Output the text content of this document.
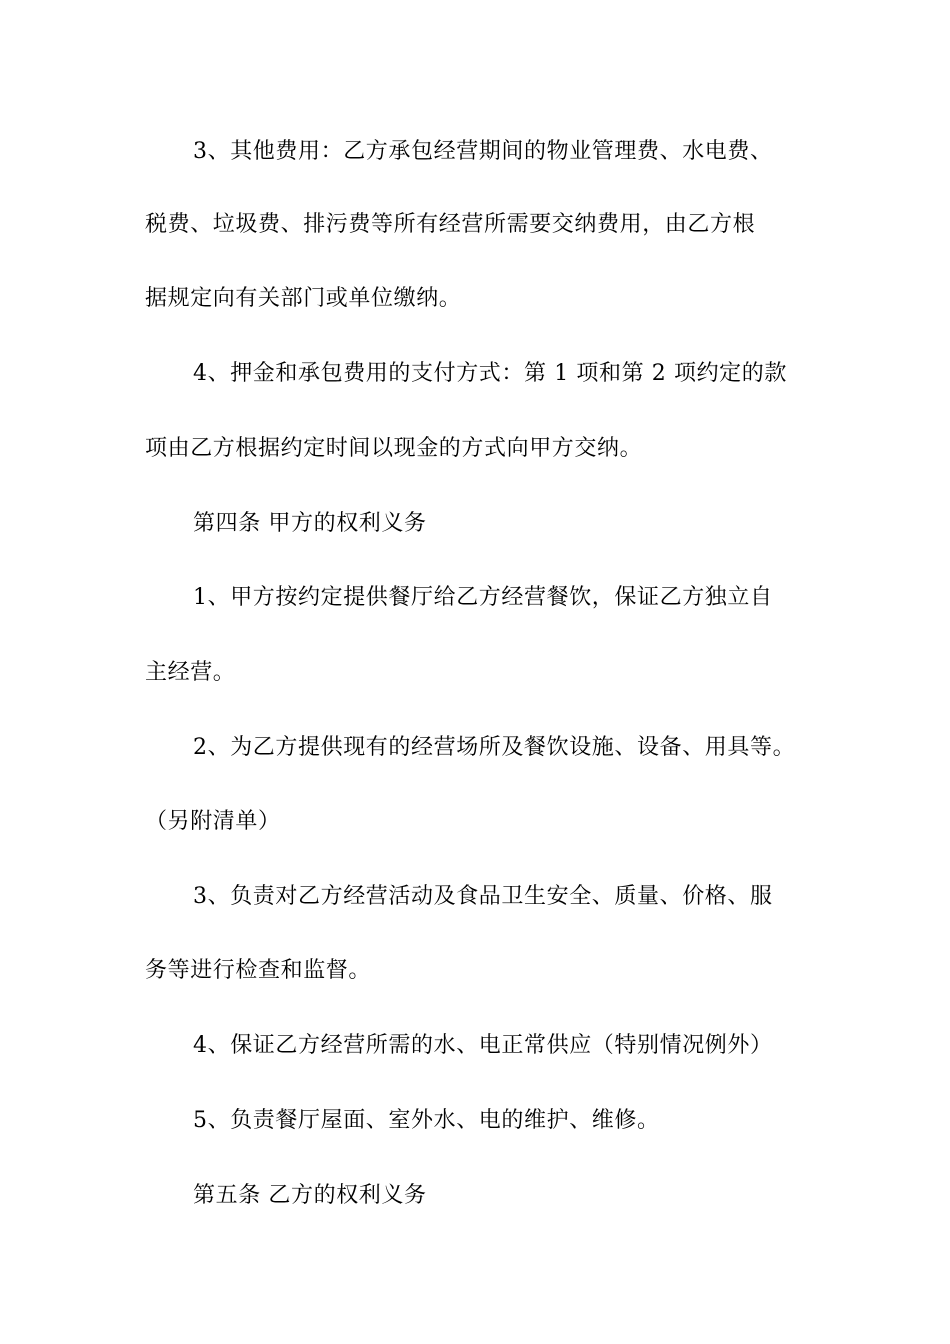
3、其他费用：乙方承包经营期间的物业管理费、水电费、
税费、垃圾费、排污费等所有经营所需要交纳费用，由乙方根
据规定向有关部门或单位缴纳。
4、押金和承包费用的支付方式：第 1 项和第 2 项约定的款
项由乙方根据约定时间以现金的方式向甲方交纳。
第四条 甲方的权利义务
1、甲方按约定提供餐厅给乙方经营餐饮，保证乙方独立自
主经营。
2、为乙方提供现有的经营场所及餐饮设施、设备、用具等。
（另附清单）
3、负责对乙方经营活动及食品卫生安全、质量、价格、服
务等进行检查和监督。
4、保证乙方经营所需的水、电正常供应（特别情况例外）
5、负责餐厅屋面、室外水、电的维护、维修。
第五条 乙方的权利义务
